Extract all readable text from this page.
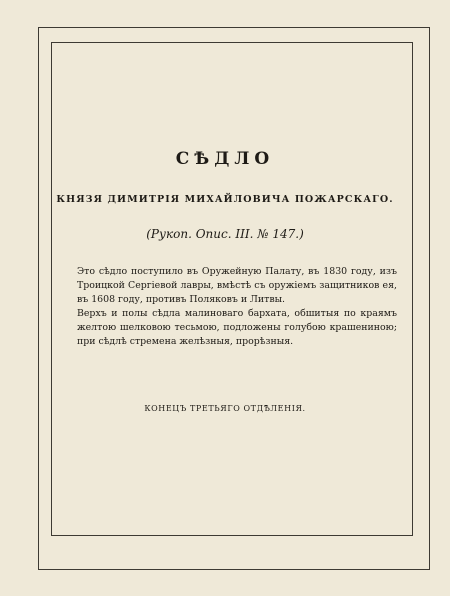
СѢДЛО
КНЯЗЯ ДИМИТРІЯ МИХАЙЛОВИЧА ПОЖАРСКАГО.
(Рукоп. Опис. III. № 147.)

Это сѣдло поступило въ Оружейную Палату, въ 1830 году, изъ Троицкой Сергіевой лавры, вмѣстѣ съ оружіемъ защитников ея, въ 1608 году, противъ Поляковъ и Литвы.

Верхъ и полы сѣдла малиноваго бархата, обшитыя по краямъ желтою шелковою тесьмою, подложены голубою крашениною; при сѣдлѣ стремена желѣзныя, прорѣзныя.

КОНЕЦЪ ТРЕТЬЯГО ОТДѢЛЕНІЯ.
